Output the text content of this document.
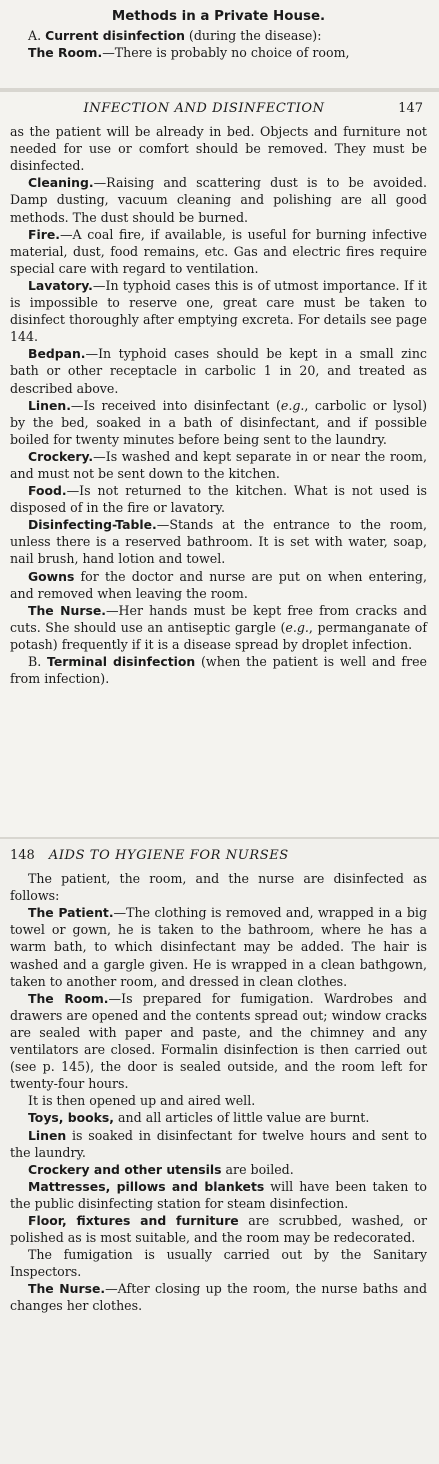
Methods in a Private House.

A. Current disinfection (during the disease):

The Room.—There is probably no choice of room,

INFECTION AND DISINFECTION	147

as the patient will be already in bed. Objects and furniture not needed for use or comfort should be removed. They must be disinfected.

Cleaning.—Raising and scattering dust is to be avoided. Damp dusting, vacuum cleaning and polishing are all good methods. The dust should be burned.

Fire.—A coal fire, if available, is useful for burning infective material, dust, food remains, etc. Gas and electric fires require special care with regard to ventilation.

Lavatory.—In typhoid cases this is of utmost importance. If it is impossible to reserve one, great care must be taken to disinfect thoroughly after emptying excreta. For details see page 144.

Bedpan.—In typhoid cases should be kept in a small zinc bath or other receptacle in carbolic 1 in 20, and treated as described above.

Linen.—Is received into disinfectant (e.g., carbolic or lysol) by the bed, soaked in a bath of disinfectant, and if possible boiled for twenty minutes before being sent to the laundry.

Crockery.—Is washed and kept separate in or near the room, and must not be sent down to the kitchen.

Food.—Is not returned to the kitchen. What is not used is disposed of in the fire or lavatory.

Disinfecting-Table.—Stands at the entrance to the room, unless there is a reserved bathroom. It is set with water, soap, nail brush, hand lotion and towel.

Gowns for the doctor and nurse are put on when entering, and removed when leaving the room.

The Nurse.—Her hands must be kept free from cracks and cuts. She should use an antiseptic gargle (e.g., permanganate of potash) frequently if it is a disease spread by droplet infection.

B. Terminal disinfection (when the patient is well and free from infection).

148 AIDS TO HYGIENE FOR NURSES

The patient, the room, and the nurse are disinfected as follows:

The Patient.—The clothing is removed and, wrapped in a big towel or gown, he is taken to the bathroom, where he has a warm bath, to which disinfectant may be added. The hair is washed and a gargle given. He is wrapped in a clean bathgown, taken to another room, and dressed in clean clothes.

The Room.—Is prepared for fumigation. Wardrobes and drawers are opened and the contents spread out; window cracks are sealed with paper and paste, and the chimney and any ventilators are closed. Formalin disinfection is then carried out (see p. 145), the door is sealed outside, and the room left for twenty-four hours.

It is then opened up and aired well.

Toys, books, and all articles of little value are burnt.

Linen is soaked in disinfectant for twelve hours and sent to the laundry.

Crockery and other utensils are boiled.

Mattresses, pillows and blankets will have been taken to the public disinfecting station for steam disinfection.

Floor, fixtures and furniture are scrubbed, washed, or polished as is most suitable, and the room may be redecorated.

The fumigation is usually carried out by the Sanitary Inspectors.

The Nurse.—After closing up the room, the nurse baths and changes her clothes.
